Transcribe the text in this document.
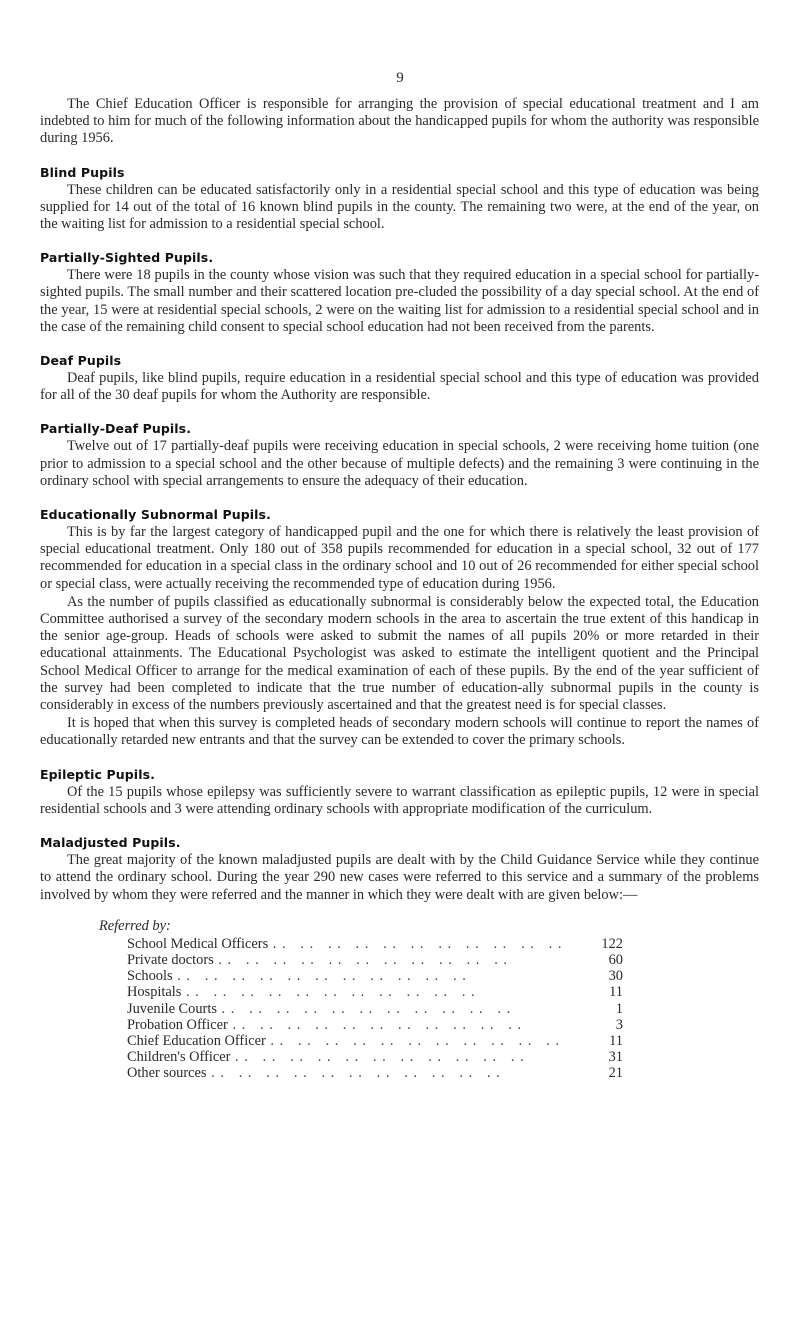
9

The Chief Education Officer is responsible for arranging the provision of special educational treatment and I am indebted to him for much of the following information about the handicapped pupils for whom the authority was responsible during 1956.

Blind Pupils

These children can be educated satisfactorily only in a residential special school and this type of education was being supplied for 14 out of the total of 16 known blind pupils in the county. The remaining two were, at the end of the year, on the waiting list for admission to a residential special school.

Partially-Sighted Pupils.

There were 18 pupils in the county whose vision was such that they required education in a special school for partially-sighted pupils. The small number and their scattered location pre-cluded the possibility of a day special school. At the end of the year, 15 were at residential special schools, 2 were on the waiting list for admission to a residential special school and in the case of the remaining child consent to special school education had not been received from the parents.

Deaf Pupils

Deaf pupils, like blind pupils, require education in a residential special school and this type of education was provided for all of the 30 deaf pupils for whom the Authority are responsible.

Partially-Deaf Pupils.

Twelve out of 17 partially-deaf pupils were receiving education in special schools, 2 were receiving home tuition (one prior to admission to a special school and the other because of multiple defects) and the remaining 3 were continuing in the ordinary school with special arrangements to ensure the adequacy of their education.

Educationally Subnormal Pupils.

This is by far the largest category of handicapped pupil and the one for which there is relatively the least provision of special educational treatment. Only 180 out of 358 pupils recommended for education in a special school, 32 out of 177 recommended for education in a special class in the ordinary school and 10 out of 26 recommended for either special school or special class, were actually receiving the recommended type of education during 1956.

As the number of pupils classified as educationally subnormal is considerably below the expected total, the Education Committee authorised a survey of the secondary modern schools in the area to ascertain the true extent of this handicap in the senior age-group. Heads of schools were asked to submit the names of all pupils 20% or more retarded in their educational attainments. The Educational Psychologist was asked to estimate the intelligent quotient and the Principal School Medical Officer to arrange for the medical examination of each of these pupils. By the end of the year sufficient of the survey had been completed to indicate that the true number of education-ally subnormal pupils in the county is considerably in excess of the numbers previously ascertained and that the greatest need is for special classes.

It is hoped that when this survey is completed heads of secondary modern schools will continue to report the names of educationally retarded new entrants and that the survey can be extended to cover the primary schools.

Epileptic Pupils.

Of the 15 pupils whose epilepsy was sufficiently severe to warrant classification as epileptic pupils, 12 were in special residential schools and 3 were attending ordinary schools with appropriate modification of the curriculum.

Maladjusted Pupils.

The great majority of the known maladjusted pupils are dealt with by the Child Guidance Service while they continue to attend the ordinary school. During the year 290 new cases were referred to this service and a summary of the problems involved by whom they were referred and the manner in which they were dealt with are given below:—

Referred by:
School Medical Officers . .	122
Private doctors . .	60
Schools . .	30
Hospitals . .	11
Juvenile Courts . .	1
Probation Officer . .	3
Chief Education Officer . .	11
Children's Officer . .	31
Other sources . .	21
